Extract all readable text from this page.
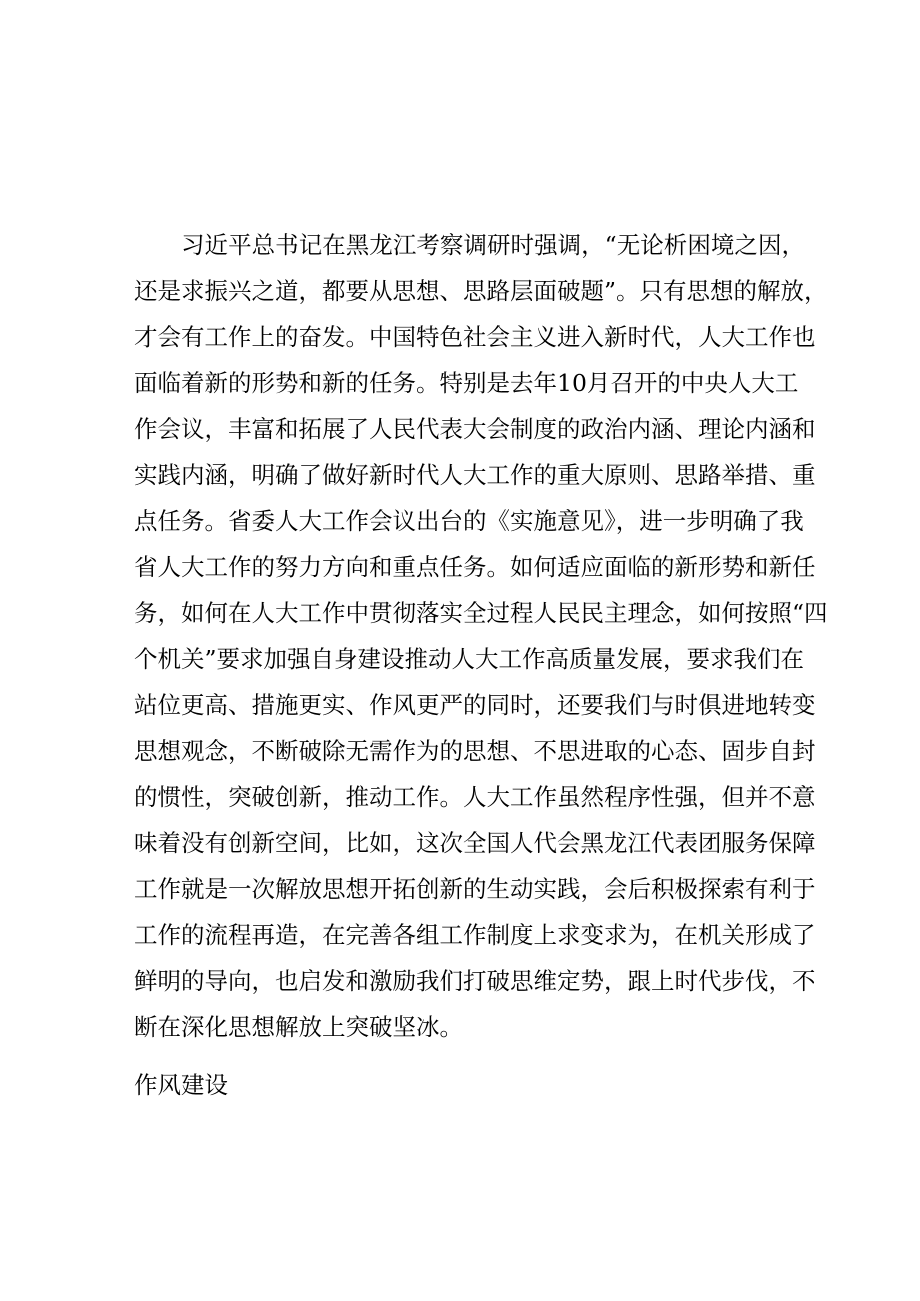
习近平总书记在黑龙江考察调研时强调，“无论析困境之因，
还是求振兴之道，都要从思想、思路层面破题”。只有思想的解放，
才会有工作上的奋发。中国特色社会主义进入新时代，人大工作也
面临着新的形势和新的任务。特别是去年10月召开的中央人大工
作会议，丰富和拓展了人民代表大会制度的政治内涵、理论内涵和
实践内涵，明确了做好新时代人大工作的重大原则、思路举措、重
点任务。省委人大工作会议出台的《实施意见》，进一步明确了我
省人大工作的努力方向和重点任务。如何适应面临的新形势和新任
务，如何在人大工作中贯彻落实全过程人民民主理念，如何按照“四
个机关”要求加强自身建设推动人大工作高质量发展，要求我们在
站位更高、措施更实、作风更严的同时，还要我们与时俱进地转变
思想观念，不断破除无需作为的思想、不思进取的心态、固步自封
的惯性，突破创新，推动工作。人大工作虽然程序性强，但并不意
味着没有创新空间，比如，这次全国人代会黑龙江代表团服务保障
工作就是一次解放思想开拓创新的生动实践，会后积极探索有利于
工作的流程再造，在完善各组工作制度上求变求为，在机关形成了
鲜明的导向，也启发和激励我们打破思维定势，跟上时代步伐，不
断在深化思想解放上突破坚冰。
作风建设
